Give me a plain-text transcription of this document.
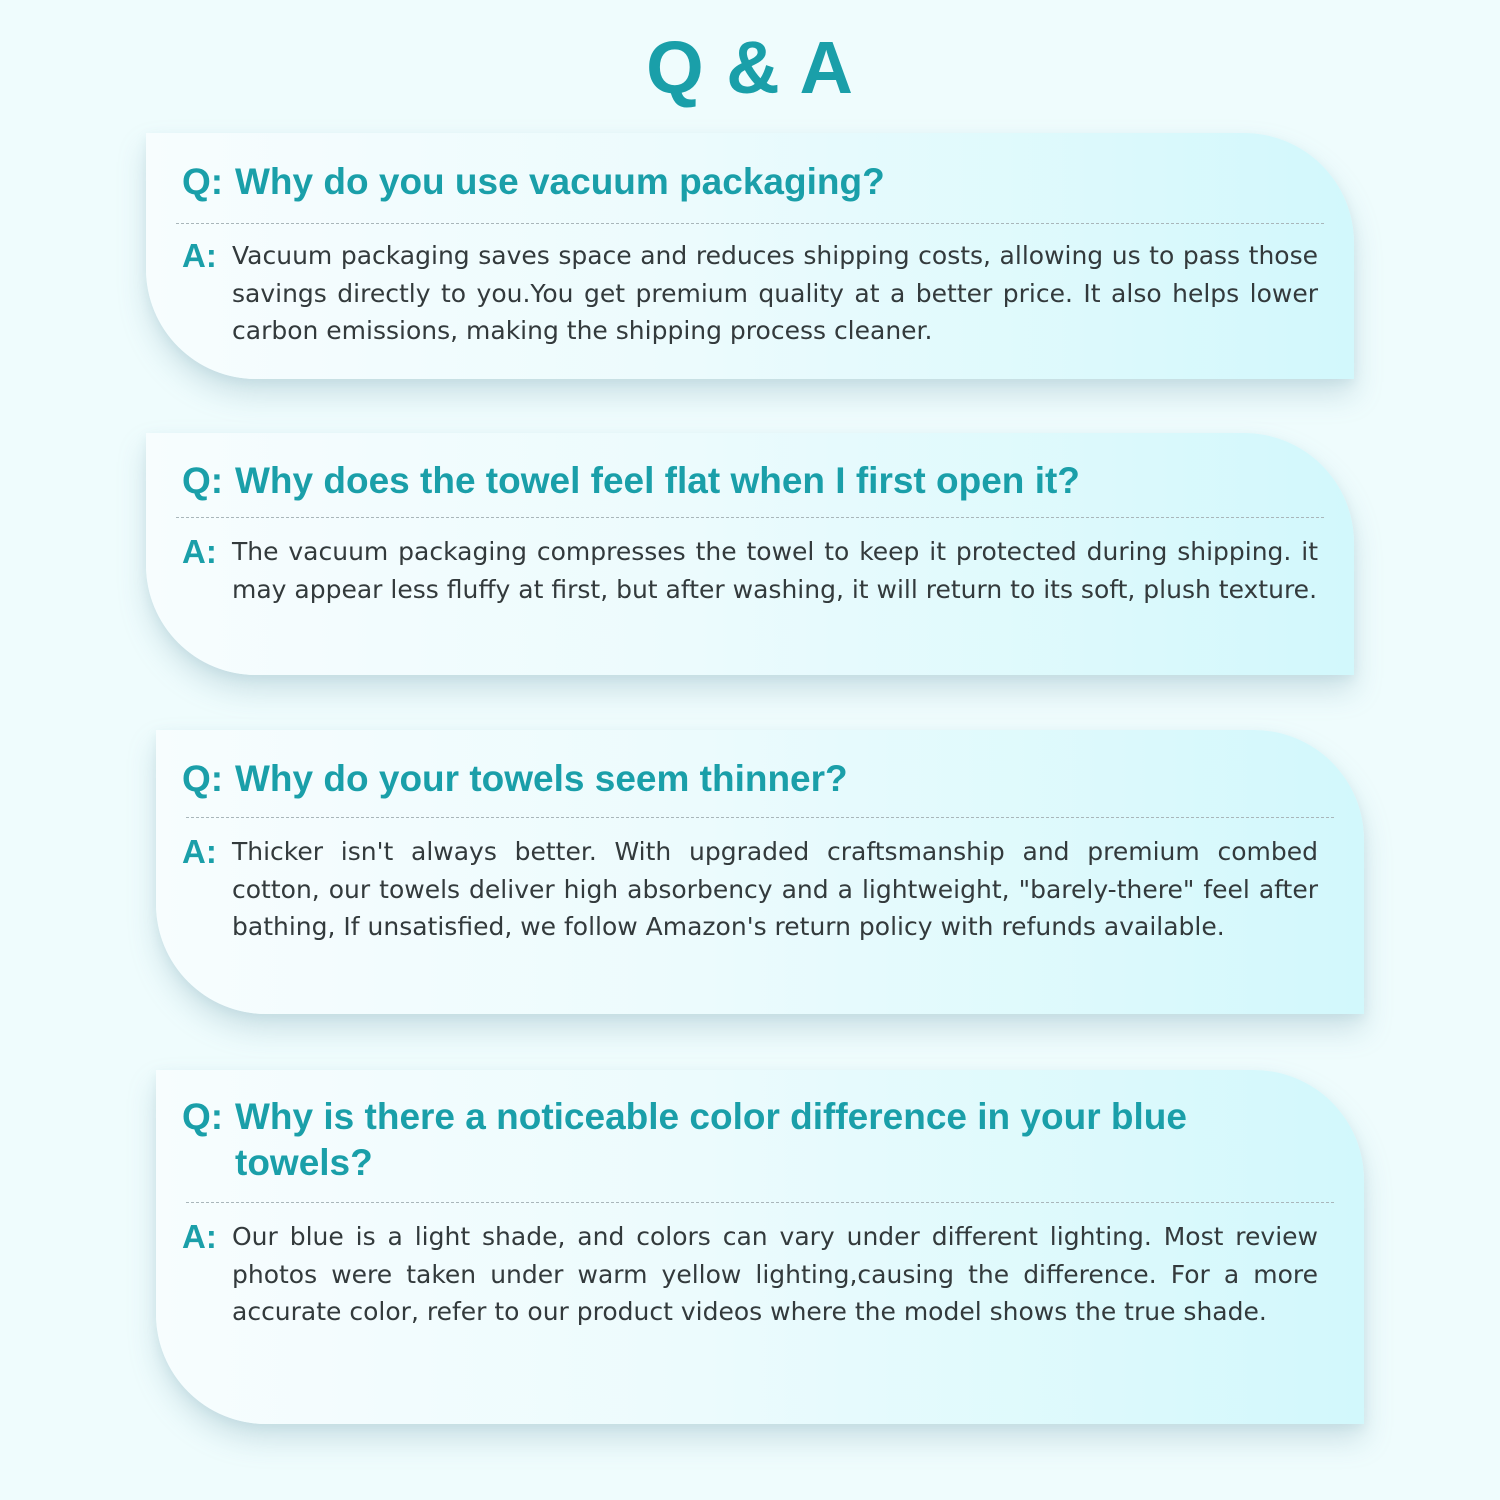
Q & A
Q: Why do you use vacuum packaging?
A: Vacuum packaging saves space and reduces shipping costs, allowing us to pass those savings directly to you.You get premium quality at a better price. It also helps lower carbon emissions, making the shipping process cleaner.
Q: Why does the towel feel flat when I first open it?
A: The vacuum packaging compresses the towel to keep it protected during shipping. it may appear less fluffy at first, but after washing, it will return to its soft, plush texture.
Q: Why do your towels seem thinner?
A: Thicker isn't always better. With upgraded craftsmanship and premium combed cotton, our towels deliver high absorbency and a lightweight, "barely-there" feel after bathing, If unsatisfied, we follow Amazon's return policy with refunds available.
Q: Why is there a noticeable color difference in your blue towels?
A: Our blue is a light shade, and colors can vary under different lighting. Most review photos were taken under warm yellow lighting,causing the difference. For a more accurate color, refer to our product videos where the model shows the true shade.
